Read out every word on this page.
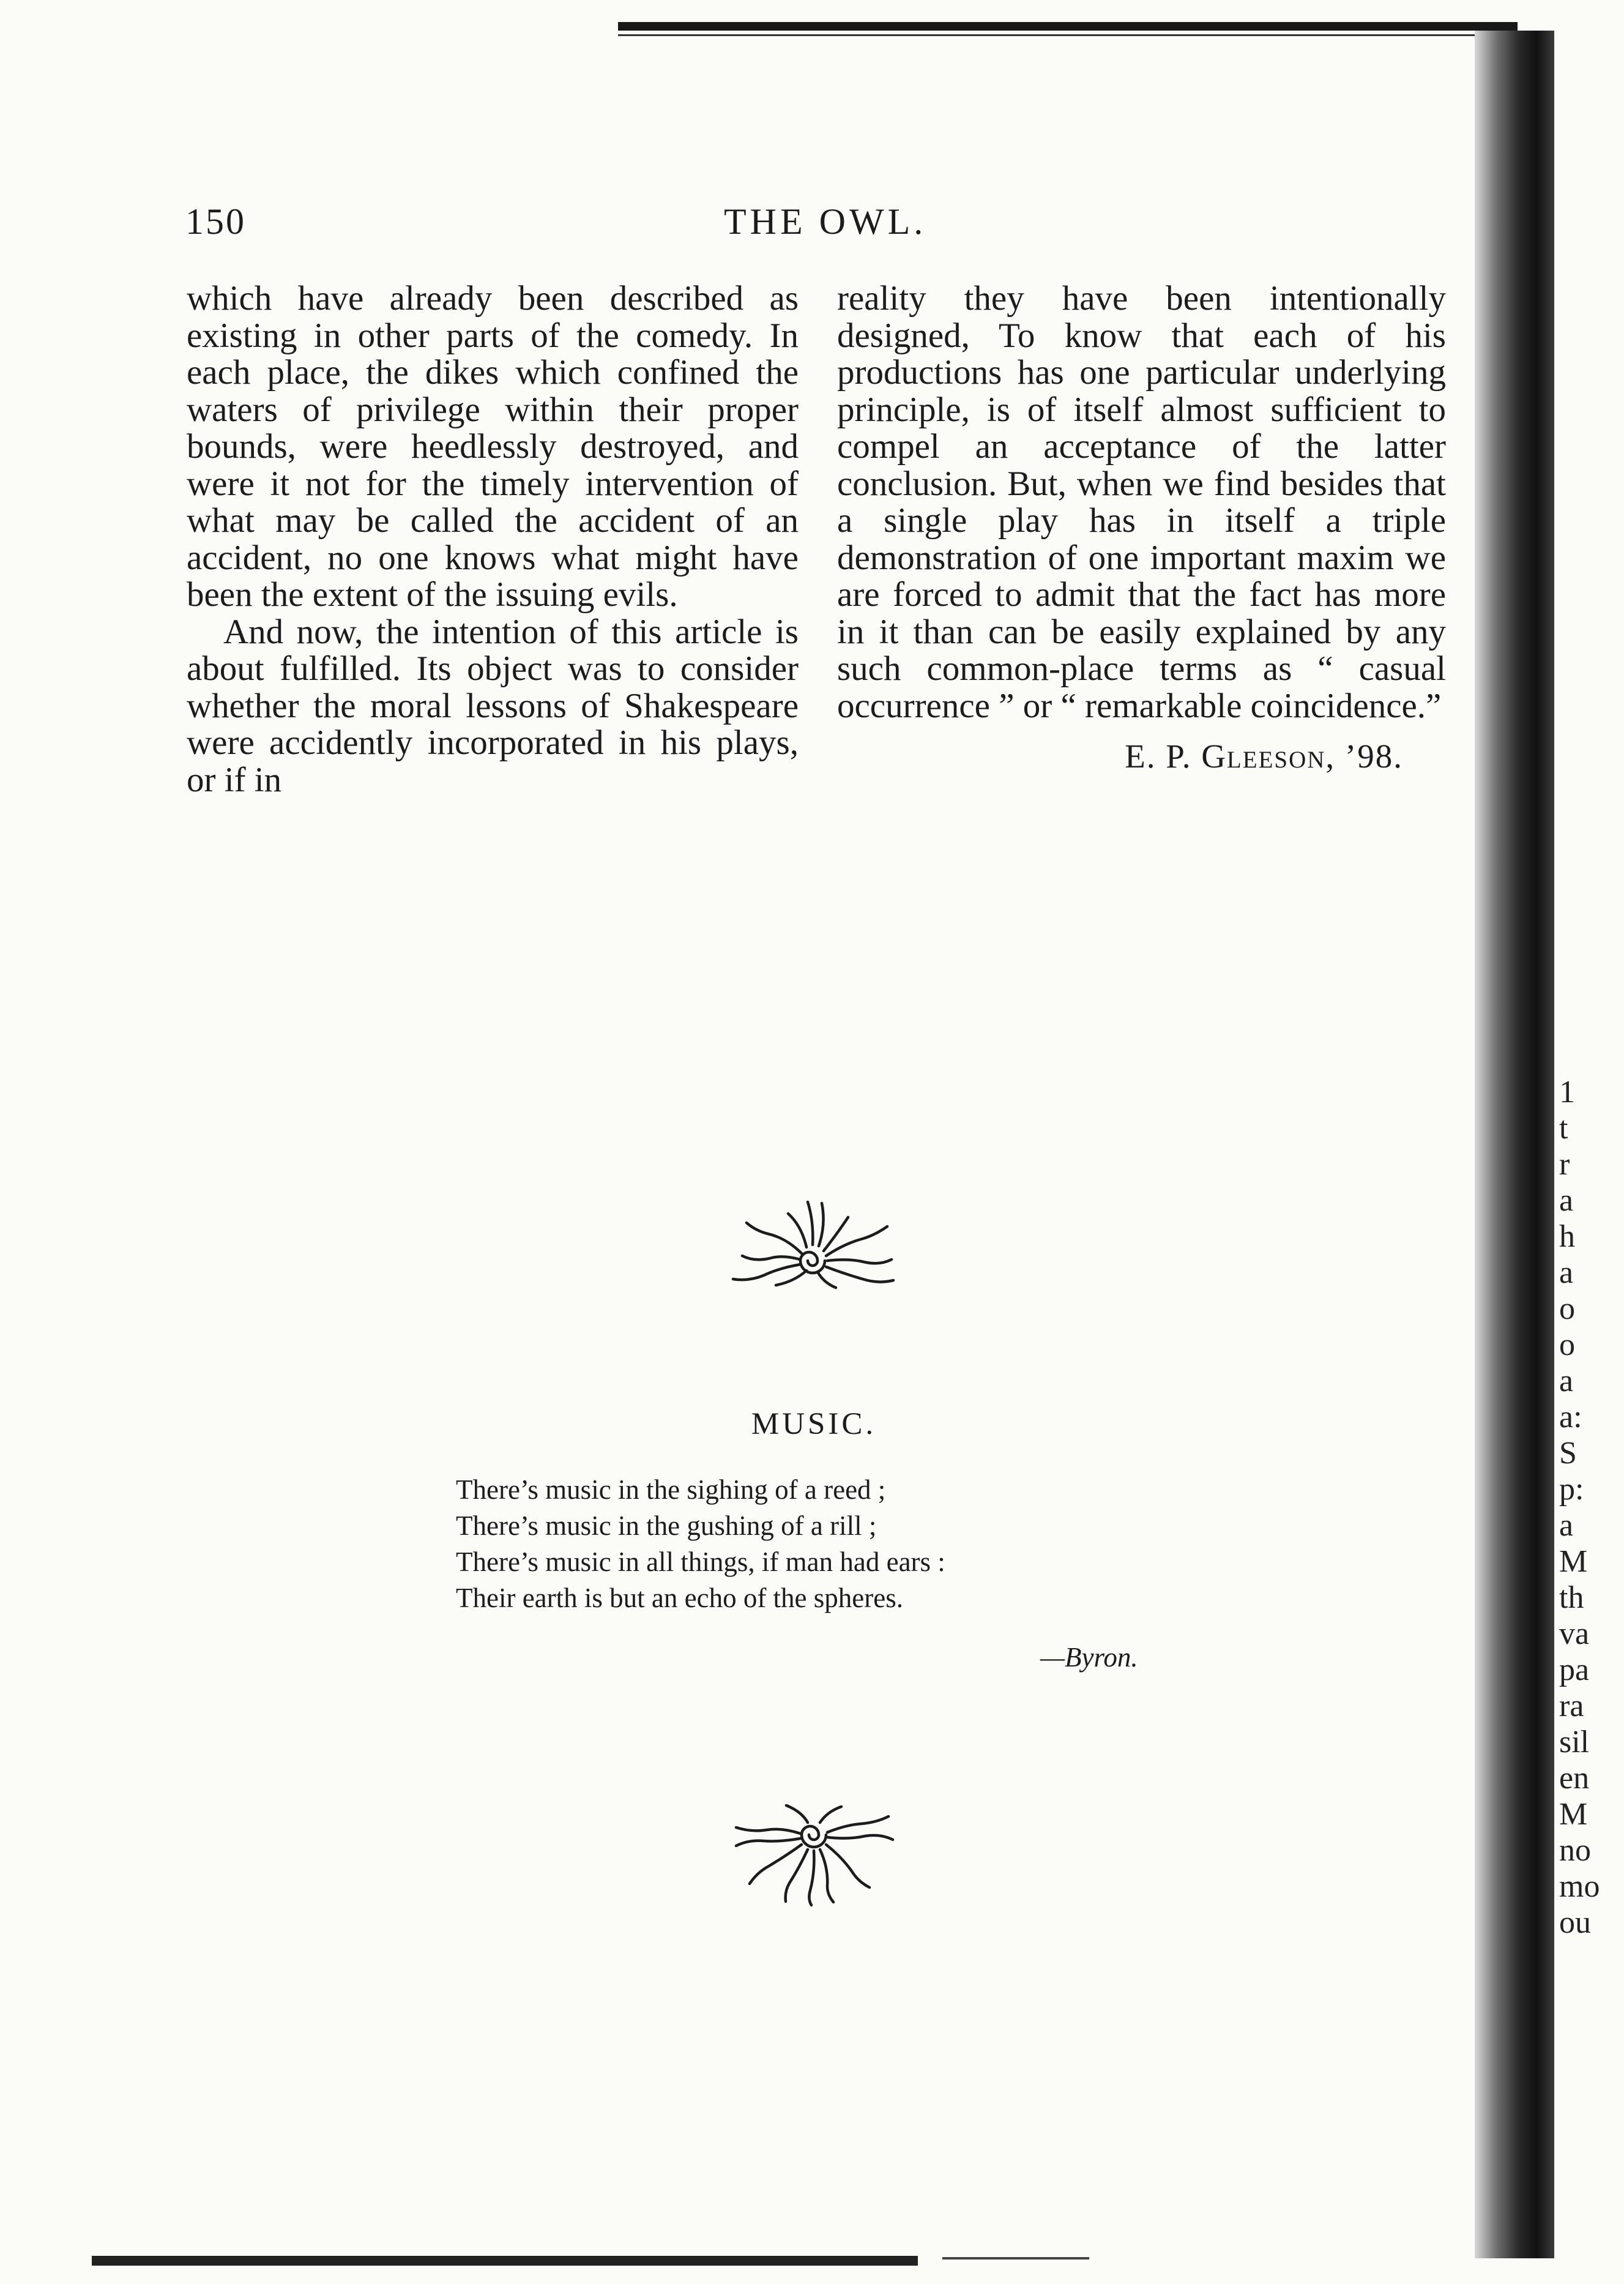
150	THE OWL.

which have already been described as existing in other parts of the comedy. In each place, the dikes which confined the waters of privilege within their proper bounds, were heedlessly destroyed, and were it not for the timely intervention of what may be called the accident of an accident, no one knows what might have been the extent of the issuing evils.

And now, the intention of this article is about fulfilled. Its object was to consider whether the moral lessons of Shakespeare were accidently incorporated in his plays, or if in

reality they have been intentionally designed, To know that each of his productions has one particular underlying principle, is of itself almost sufficient to compel an acceptance of the latter conclusion. But, when we find besides that a single play has in itself a triple demonstration of one important maxim we are forced to admit that the fact has more in it than can be easily explained by any such common-place terms as “ casual occurrence ” or “ remarkable coincidence.”

E. P. Gleeson, ’98.

MUSIC.
There’s music in the sighing of a reed ;
There’s music in the gushing of a rill ;
There’s music in all things, if man had ears :
Their earth is but an echo of the spheres.
—Byron.
1
t
r
a
h
a
o
o
a
a:
S
p:
a
M
th
va
pa
ra
sil
en
M
no
mo
ou
